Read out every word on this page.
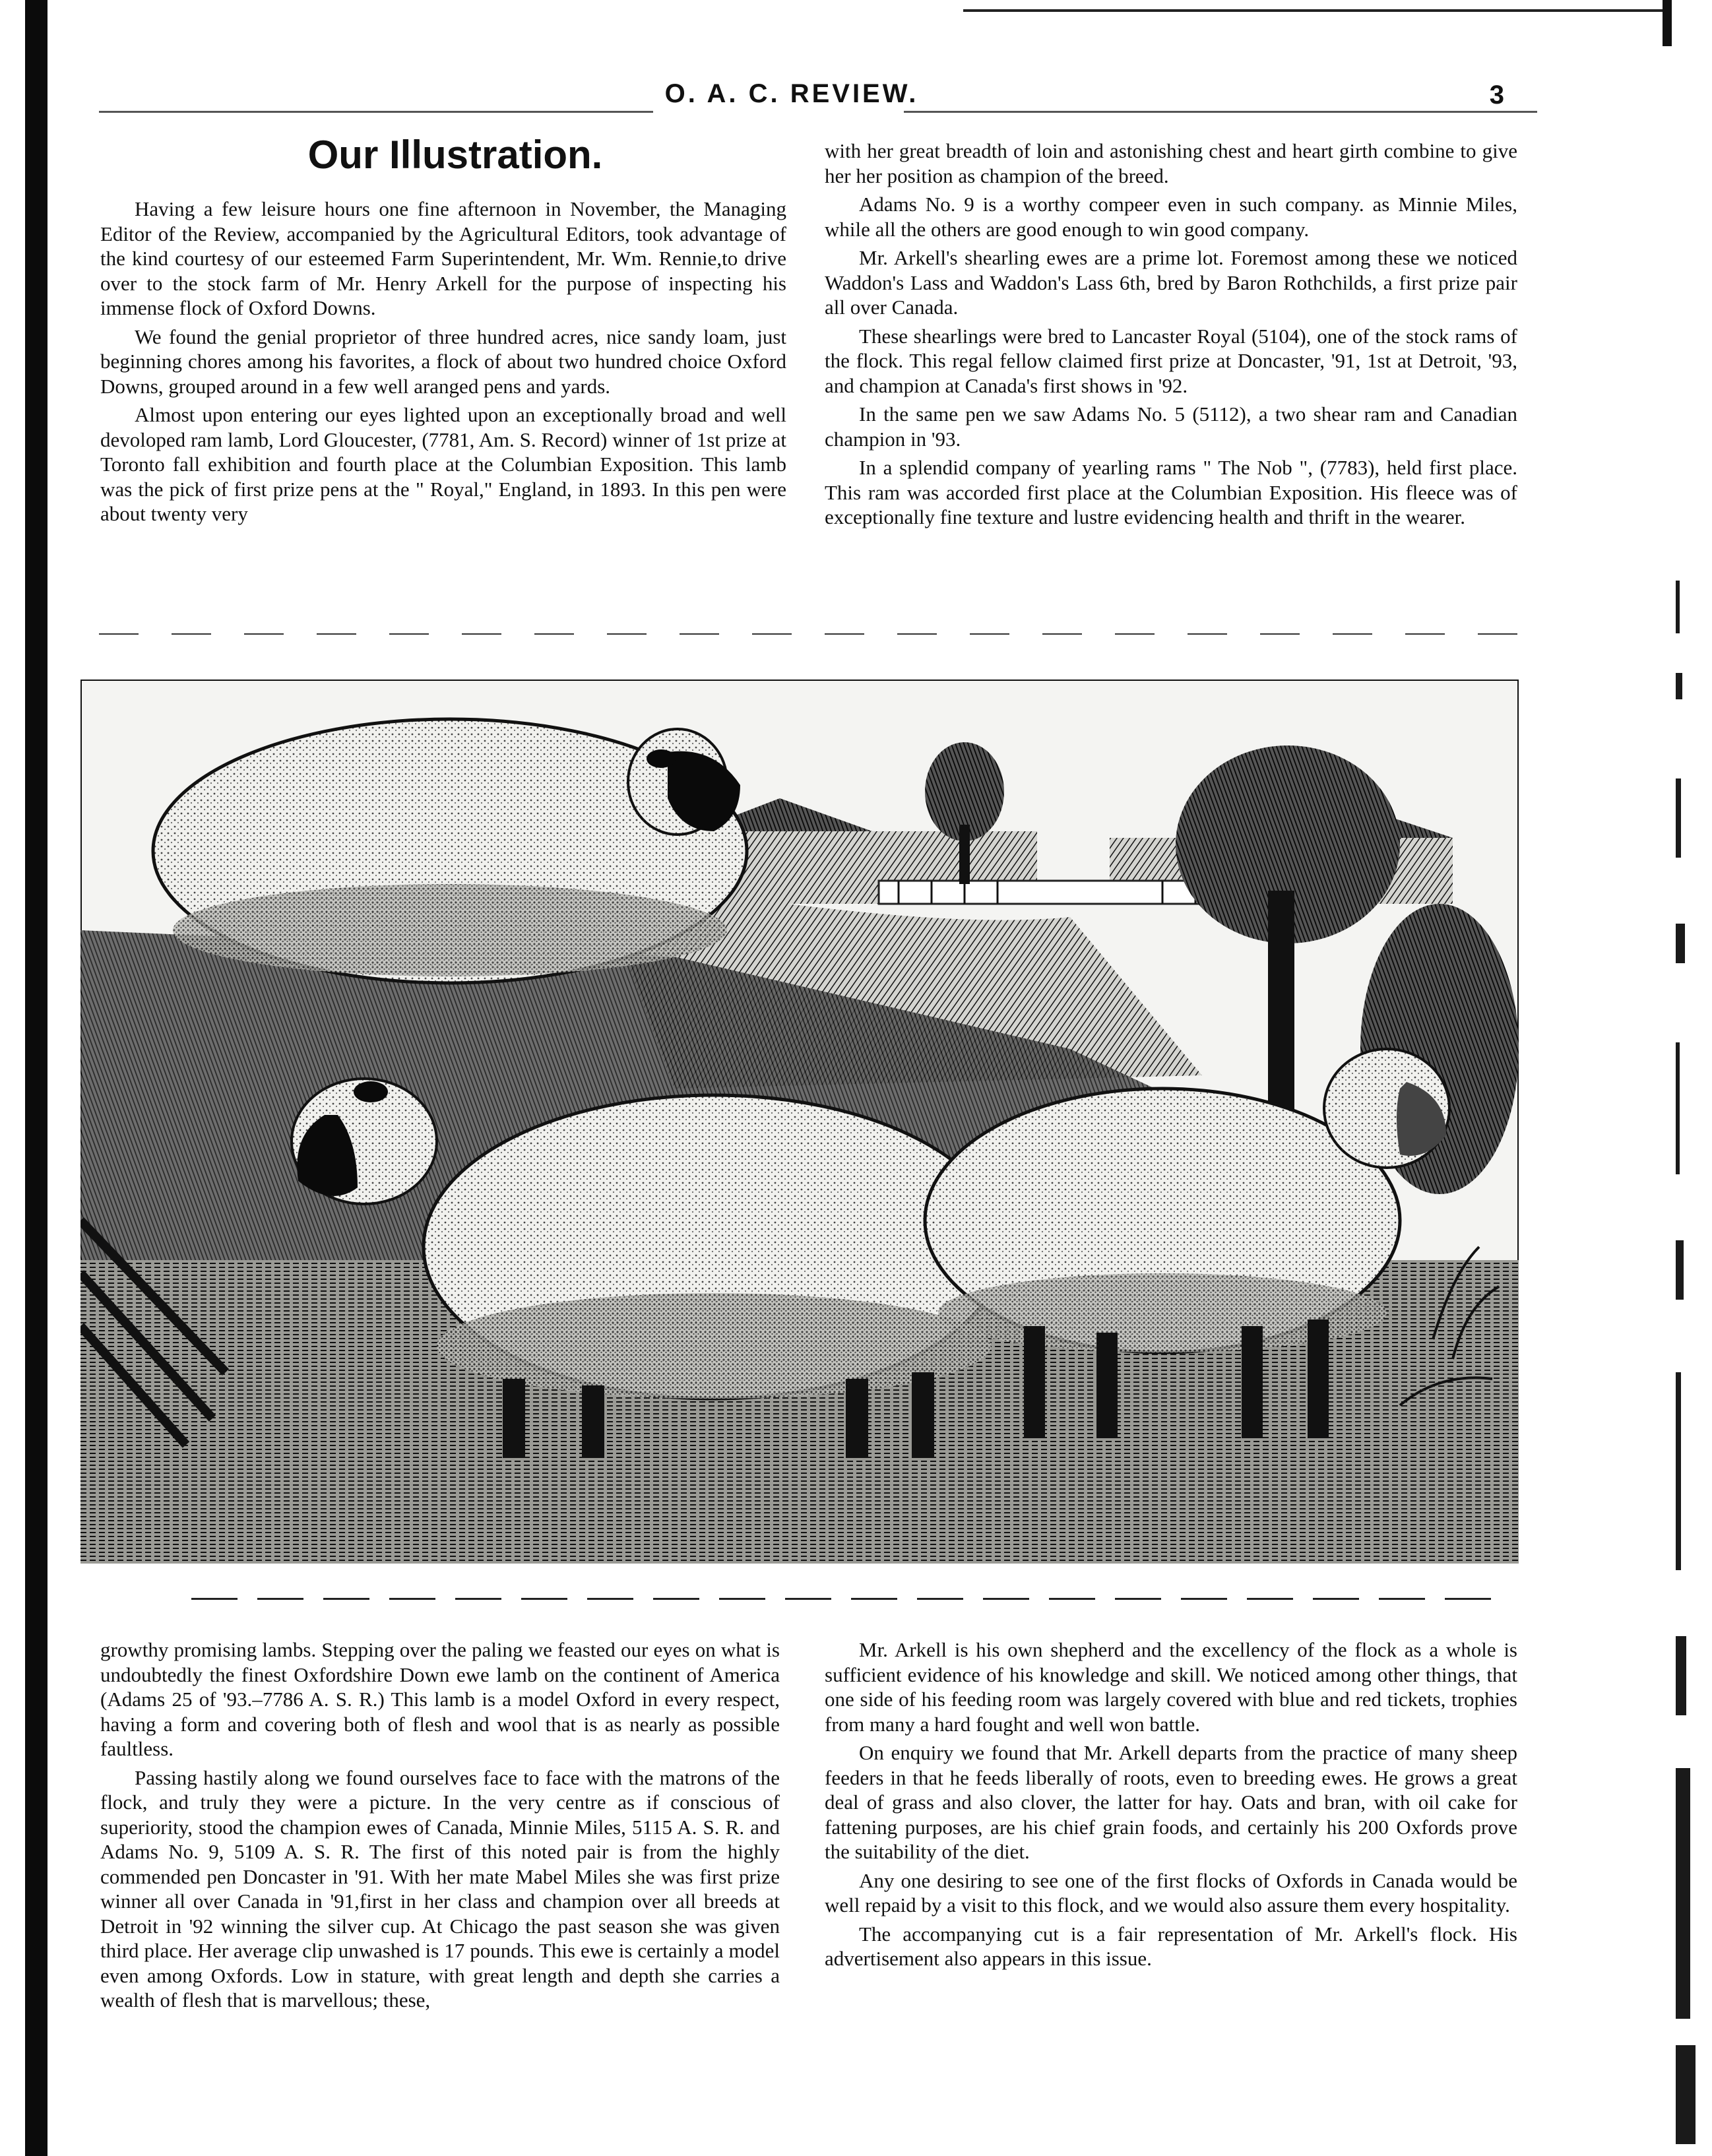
O. A. C. REVIEW.	3
Our Illustration.

Having a few leisure hours one fine afternoon in November, the Managing Editor of the Review, accompanied by the Agricultural Editors, took advantage of the kind courtesy of our esteemed Farm Superintendent, Mr. Wm. Rennie,to drive over to the stock farm of Mr. Henry Arkell for the purpose of inspecting his immense flock of Oxford Downs.

We found the genial proprietor of three hundred acres, nice sandy loam, just beginning chores among his favorites, a flock of about two hundred choice Oxford Downs, grouped around in a few well aranged pens and yards.

Almost upon entering our eyes lighted upon an exceptionally broad and well devoloped ram lamb, Lord Gloucester, (7781, Am. S. Record) winner of 1st prize at Toronto fall exhibition and fourth place at the Columbian Exposition. This lamb was the pick of first prize pens at the " Royal," England, in 1893. In this pen were about twenty very

with her great breadth of loin and astonishing chest and heart girth combine to give her her position as champion of the breed.

Adams No. 9 is a worthy compeer even in such company. as Minnie Miles, while all the others are good enough to win good company.

Mr. Arkell's shearling ewes are a prime lot. Foremost among these we noticed Waddon's Lass and Waddon's Lass 6th, bred by Baron Rothchilds, a first prize pair all over Canada.

These shearlings were bred to Lancaster Royal (5104), one of the stock rams of the flock. This regal fellow claimed first prize at Doncaster, '91, 1st at Detroit, '93, and champion at Canada's first shows in '92.

In the same pen we saw Adams No. 5 (5112), a two shear ram and Canadian champion in '93.

In a splendid company of yearling rams " The Nob ", (7783), held first place. This ram was accorded first place at the Columbian Exposition. His fleece was of exceptionally fine texture and lustre evidencing health and thrift in the wearer.

growthy promising lambs. Stepping over the paling we feasted our eyes on what is undoubtedly the finest Oxfordshire Down ewe lamb on the continent of America (Adams 25 of '93.–7786 A. S. R.) This lamb is a model Oxford in every respect, having a form and covering both of flesh and wool that is as nearly as possible faultless.

Passing hastily along we found ourselves face to face with the matrons of the flock, and truly they were a picture. In the very centre as if conscious of superiority, stood the champion ewes of Canada, Minnie Miles, 5115 A. S. R. and Adams No. 9, 5109 A. S. R. The first of this noted pair is from the highly commended pen Doncaster in '91. With her mate Mabel Miles she was first prize winner all over Canada in '91,first in her class and champion over all breeds at Detroit in '92 winning the silver cup. At Chicago the past season she was given third place. Her average clip unwashed is 17 pounds. This ewe is certainly a model even among Oxfords. Low in stature, with great length and depth she carries a wealth of flesh that is marvellous; these,

Mr. Arkell is his own shepherd and the excellency of the flock as a whole is sufficient evidence of his knowledge and skill. We noticed among other things, that one side of his feeding room was largely covered with blue and red tickets, trophies from many a hard fought and well won battle.

On enquiry we found that Mr. Arkell departs from the practice of many sheep feeders in that he feeds liberally of roots, even to breeding ewes. He grows a great deal of grass and also clover, the latter for hay. Oats and bran, with oil cake for fattening purposes, are his chief grain foods, and certainly his 200 Oxfords prove the suitability of the diet.

Any one desiring to see one of the first flocks of Oxfords in Canada would be well repaid by a visit to this flock, and we would also assure them every hospitality.

The accompanying cut is a fair representation of Mr. Arkell's flock. His advertisement also appears in this issue.
